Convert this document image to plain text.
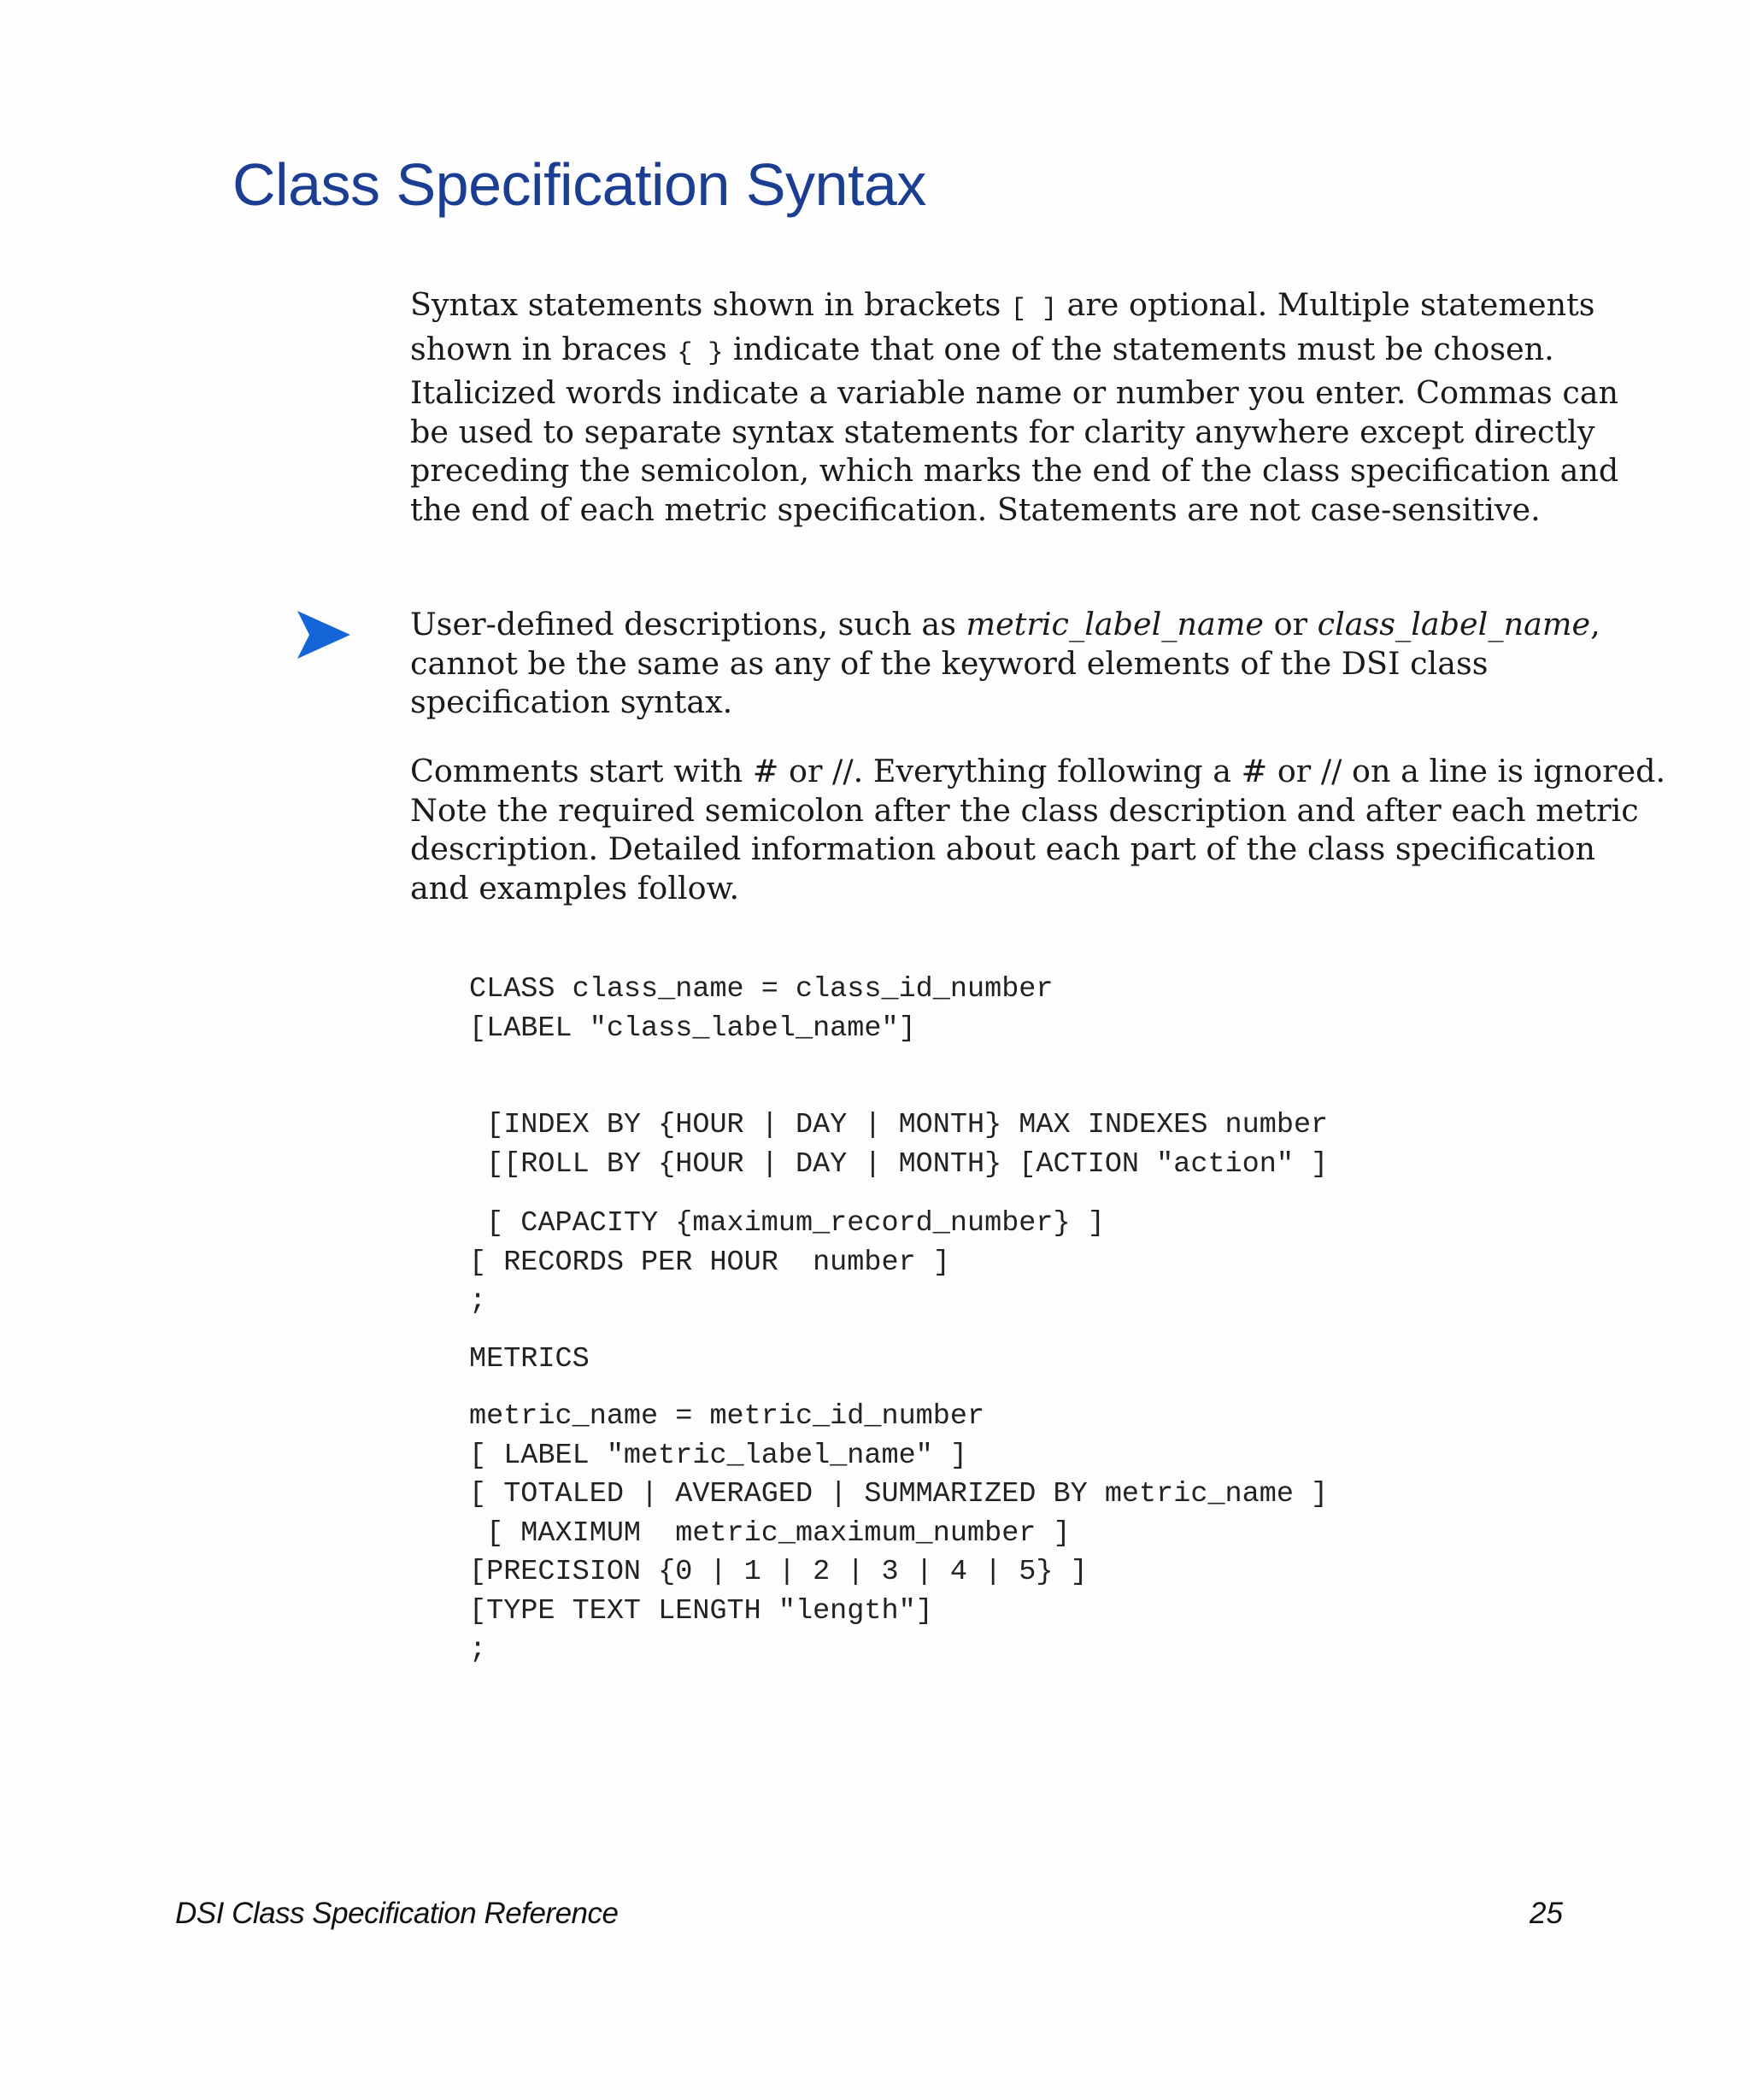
Class Specification Syntax
Syntax statements shown in brackets [ ] are optional. Multiple statements
shown in braces { } indicate that one of the statements must be chosen.
Italicized words indicate a variable name or number you enter. Commas can
be used to separate syntax statements for clarity anywhere except directly
preceding the semicolon, which marks the end of the class specification and
the end of each metric specification. Statements are not case-sensitive.
User-defined descriptions, such as metric_label_name or class_label_name,
cannot be the same as any of the keyword elements of the DSI class
specification syntax.
Comments start with # or //. Everything following a # or // on a line is ignored.
Note the required semicolon after the class description and after each metric
description. Detailed information about each part of the class specification
and examples follow.
CLASS class_name = class_id_number
[LABEL "class_label_name"]
[INDEX BY {HOUR | DAY | MONTH} MAX INDEXES number
[[ROLL BY {HOUR | DAY | MONTH} [ACTION "action" ]
[ CAPACITY {maximum_record_number} ]
[ RECORDS PER HOUR  number ]
;
METRICS
metric_name = metric_id_number
[ LABEL "metric_label_name" ]
[ TOTALED | AVERAGED | SUMMARIZED BY metric_name ]
[ MAXIMUM  metric_maximum_number ]
[PRECISION {0 | 1 | 2 | 3 | 4 | 5} ]
[TYPE TEXT LENGTH "length"]
;
DSI Class Specification Reference	25
